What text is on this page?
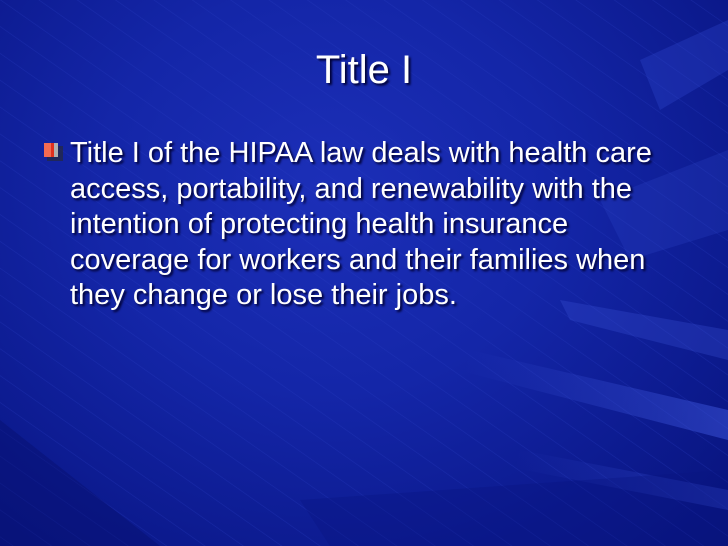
Title I
Title I of the HIPAA law deals with health care access, portability, and renewability with the intention of protecting health insurance coverage for workers and their families when they change or lose their jobs.
